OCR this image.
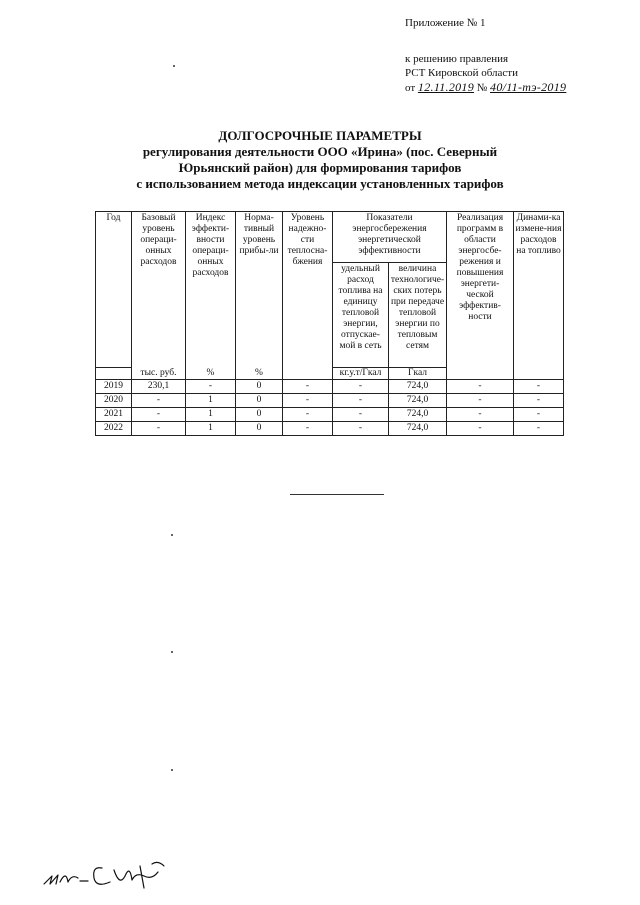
Приложение № 1
к решению правления
РСТ Кировской области
от 12.11.2019 № 40/11-тэ-2019
ДОЛГОСРОЧНЫЕ ПАРАМЕТРЫ
регулирования деятельности ООО «Ирина» (пос. Северный
Юрьянский район) для формирования тарифов
с использованием метода индексации установленных тарифов
Год	Базовый уровень операци-онных расходов	Индекс эффекти-вности операци-онных расходов	Норма-тивный уровень прибы-ли	Уровень надежно-сти теплосна-бжения	Показатели энергосбережения энергетической эффективности		Реализация программ в области энергосбе-режения и повышения энергети-ческой эффектив-ности	Динами-ка измене-ния расходов на топливо
					удельный расход топлива на единицу тепловой энергии, отпускае-мой в сеть	величина технологиче-ских потерь при передаче тепловой энергии по тепловым сетям		
	тыс. руб.	%	%		кг.у.т/Гкал	Гкал		
2019	230,1	-	0	-	-	724,0	-	-
2020	-	1	0	-	-	724,0	-	-
2021	-	1	0	-	-	724,0	-	-
2022	-	1	0	-	-	724,0	-	-
